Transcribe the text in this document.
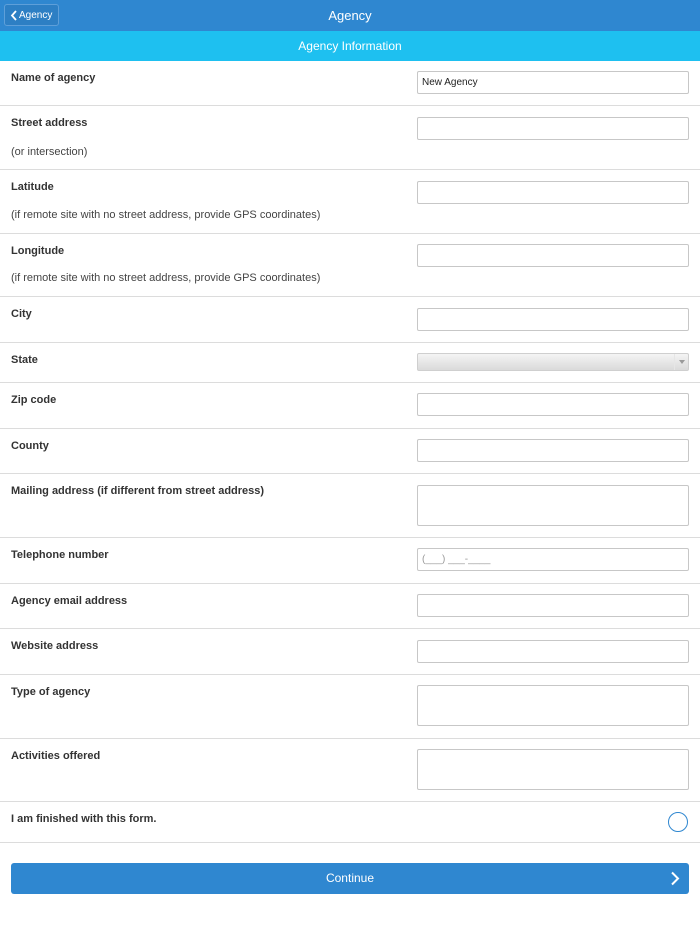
Agency	Agency
Agency Information
Name of agency
New Agency
Street address
(or intersection)
Latitude
(if remote site with no street address, provide GPS coordinates)
Longitude
(if remote site with no street address, provide GPS coordinates)
City
State
Zip code
County
Mailing address (if different from street address)
Telephone number
(___) ___-____
Agency email address
Website address
Type of agency
Activities offered
I am finished with this form.
Continue
